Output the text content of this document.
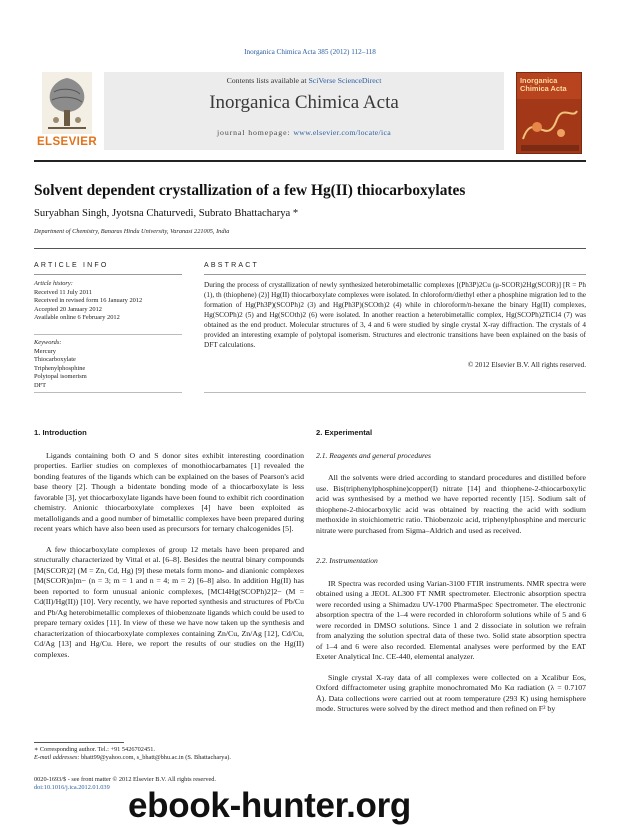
Inorganica Chimica Acta 385 (2012) 112–118
ELSEVIER
Contents lists available at SciVerse ScienceDirect
Inorganica Chimica Acta
journal homepage: www.elsevier.com/locate/ica
Inorganica Chimica Acta
Solvent dependent crystallization of a few Hg(II) thiocarboxylates
Suryabhan Singh, Jyotsna Chaturvedi, Subrato Bhattacharya *
Department of Chemistry, Banaras Hindu University, Varanasi 221005, India
ARTICLE INFO	ABSTRACT
Article history:
Received 11 July 2011
Received in revised form 16 January 2012
Accepted 20 January 2012
Available online 6 February 2012
Keywords:
Mercury
Thiocarboxylate
Triphenylphosphine
Polytopal isomerism
DFT

During the process of crystallization of newly synthesized heterobimetallic complexes [(Ph3P)2Cu (μ-SCOR)2Hg(SCOR)] [R = Ph (1), th (thiophene) (2)] Hg(II) thiocarboxylate complexes were isolated. In chloroform/diethyl ether a phosphine migration led to the formation of Hg(Ph3P)(SCOPh)2 (3) and Hg(Ph3P)(SCOth)2 (4) while in chloroform/n-hexane the binary Hg(II) complexes, Hg(SCOPh)2 (5) and Hg(SCOth)2 (6) were isolated. In another reaction a heterobimetallic complex, Hg(SCOPh)2TiCl4 (7) was obtained as the end product. Molecular structures of 3, 4 and 6 were studied by single crystal X-ray diffraction. The crystals of 4 provided an interesting example of polytopal isomerism. Structures and electronic transitions have been explained on the basis of DFT calculations.

© 2012 Elsevier B.V. All rights reserved.
1. Introduction

Ligands containing both O and S donor sites exhibit interesting coordination properties. Earlier studies on complexes of monothiocarbamates [1] revealed the bonding features of the ligands which can be explained on the bases of Pearson's acid base theory [2]. Though a bidentate bonding mode of a thiocarboxylate is less favorable [3], yet thiocarboxylate ligands have been found to exhibit rich coordination chemistry. Anionic thiocarboxylate complexes [4] have been exploited as metalloligands and a good number of bimetallic complexes have been prepared during recent years which have also been used as precursors for ternary chalcogenides [5].

A few thiocarboxylate complexes of group 12 metals have been prepared and structurally characterized by Vittal et al. [6–8]. Besides the neutral binary compounds [M(SCOR)2] (M = Zn, Cd, Hg) [9] these metals form mono- and dianionic complexes [M(SCOR)n]m− (n = 3; m = 1 and n = 4; m = 2) [6–8] also. In addition Hg(II) has been reported to form unusual anionic complexes, [MCl4Hg(SCOPh)2]2− (M = Cd(II)/Hg(II)) [10]. Very recently, we have reported synthesis and structures of Pb/Cu and Pb/Ag heterobimetallic complexes of thiobenzoate ligands which could be used to prepare ternary oxides [11]. In view of these we have now taken up the synthesis and characterization of thiocarboxylate complexes containing Zn/Cu, Zn/Ag [12], Cd/Cu, Cd/Ag [13] and Hg/Cu. Here, we report the results of our studies on the Hg(II) complexes.

2. Experimental
2.1. Reagents and general procedures

All the solvents were dried according to standard procedures and distilled before use. Bis(triphenylphosphine)copper(I) nitrate [14] and thiophene-2-thiocarboxylic acid was synthesised by a method we have reported recently [15]. Sodium salt of thiophene-2-thiocarboxylic acid was obtained by reacting the acid with sodium methoxide in stoichiometric ratio. Thiobenzoic acid, triphenylphosphine and mercuric nitrate were purchased from Sigma–Aldrich and used as received.

2.2. Instrumentation

IR Spectra was recorded using Varian-3100 FTIR instruments. NMR spectra were obtained using a JEOL AL300 FT NMR spectrometer. Electronic absorption spectra were recorded using a Shimadzu UV-1700 PharmaSpec Spectrometer. The electronic absorption spectra of the 1–4 were recorded in chloroform solutions while of 5 and 6 were recorded in DMSO solutions. Since 1 and 2 dissociate in solution we refrain from analyzing the solution spectral data of these two. Solid state absorption spectra of 1–4 and 6 were also recorded. Elemental analyses were performed by the EAT Exeter Analytical Inc. CE-440, elemental analyzer.

Single crystal X-ray data of all complexes were collected on a Xcalibur Eos, Oxford diffractometer using graphite monochromated Mo Kα radiation (λ = 0.7107 Å). Data collections were carried out at room temperature (293 K) using hemisphere mode. Structures were solved by the direct method and then refined on F² by

∗ Corresponding author. Tel.: +91 5426702451.
E-mail addresses: bhatt99@yahoo.com, s_bhatt@bhu.ac.in (S. Bhattacharya).
0020-1693/$ - see front matter © 2012 Elsevier B.V. All rights reserved.
doi:10.1016/j.ica.2012.01.039 ebook-hunter.org
